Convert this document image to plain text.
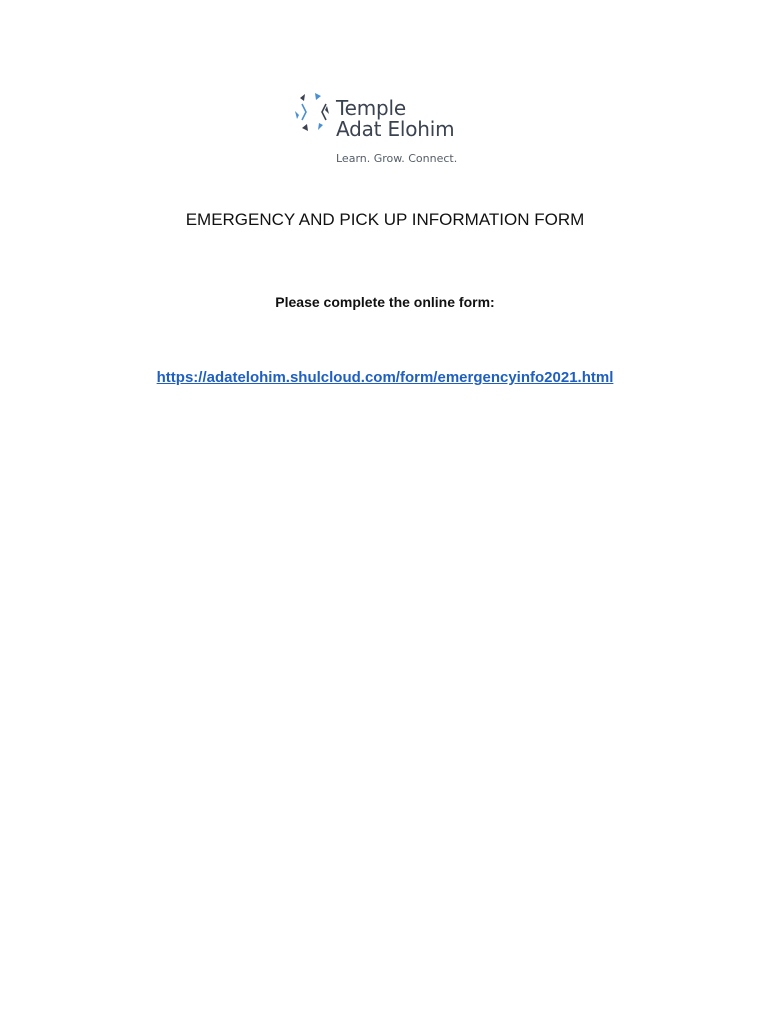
Temple
Adat Elohim
Learn. Grow. Connect.
EMERGENCY AND PICK UP INFORMATION FORM
Please complete the online form:
https://adatelohim.shulcloud.com/form/emergencyinfo2021.html
